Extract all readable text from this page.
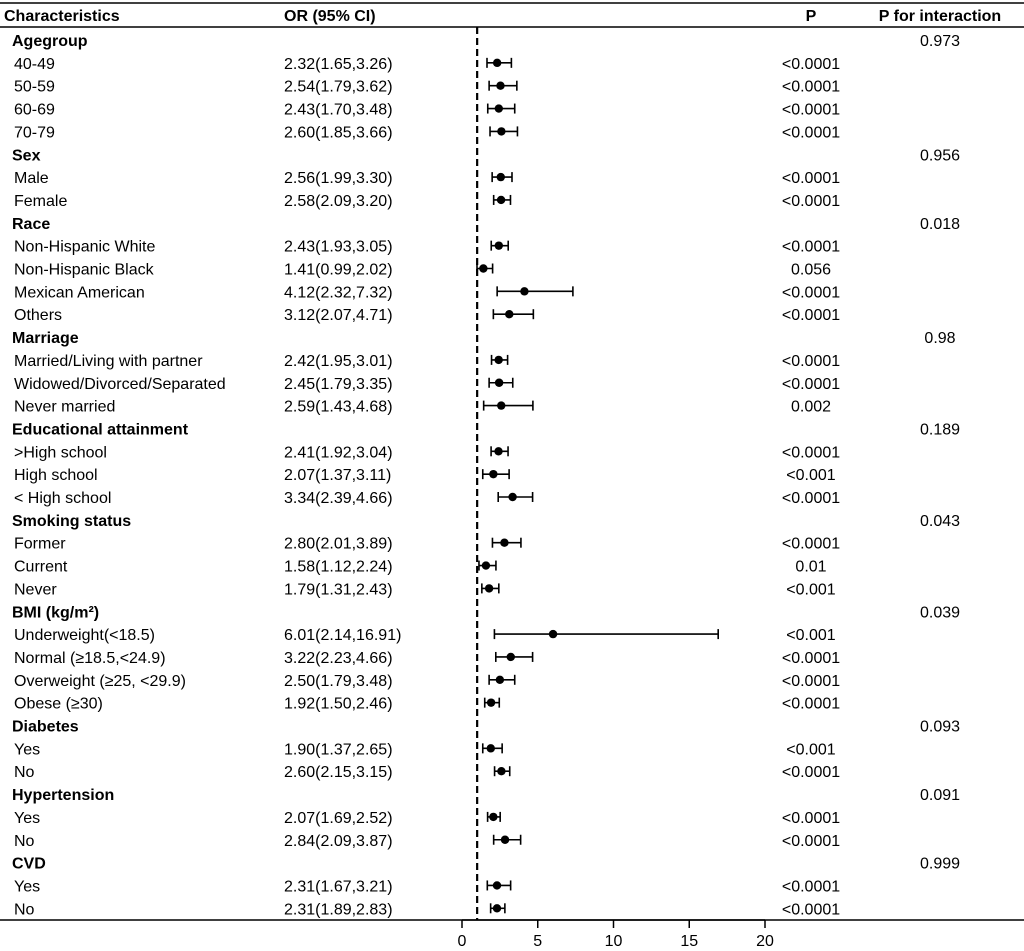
Characteristics	OR (95% CI)	P	P for interaction
Agegroup	0.973
40-49	2.32(1.65,3.26)	<0.0001
50-59	2.54(1.79,3.62)	<0.0001
60-69	2.43(1.70,3.48)	<0.0001
70-79	2.60(1.85,3.66)	<0.0001
Sex	0.956
Male	2.56(1.99,3.30)	<0.0001
Female	2.58(2.09,3.20)	<0.0001
Race	0.018
Non-Hispanic White	2.43(1.93,3.05)	<0.0001
Non-Hispanic Black	1.41(0.99,2.02)	0.056
Mexican American	4.12(2.32,7.32)	<0.0001
Others	3.12(2.07,4.71)	<0.0001
Marriage	0.98
Married/Living with partner	2.42(1.95,3.01)	<0.0001
Widowed/Divorced/Separated	2.45(1.79,3.35)	<0.0001
Never married	2.59(1.43,4.68)	0.002
Educational attainment	0.189
>High school	2.41(1.92,3.04)	<0.0001
High school	2.07(1.37,3.11)	<0.001
< High school	3.34(2.39,4.66)	<0.0001
Smoking status	0.043
Former	2.80(2.01,3.89)	<0.0001
Current	1.58(1.12,2.24)	0.01
Never	1.79(1.31,2.43)	<0.001
BMI (kg/m²)	0.039
Underweight(<18.5)	6.01(2.14,16.91)	<0.001
Normal (≥18.5,<24.9)	3.22(2.23,4.66)	<0.0001
Overweight (≥25, <29.9)	2.50(1.79,3.48)	<0.0001
Obese (≥30)	1.92(1.50,2.46)	<0.0001
Diabetes	0.093
Yes	1.90(1.37,2.65)	<0.001
No	2.60(2.15,3.15)	<0.0001
Hypertension	0.091
Yes	2.07(1.69,2.52)	<0.0001
No	2.84(2.09,3.87)	<0.0001
CVD	0.999
Yes	2.31(1.67,3.21)	<0.0001
No	2.31(1.89,2.83)	<0.0001
0	5	10	15	20
